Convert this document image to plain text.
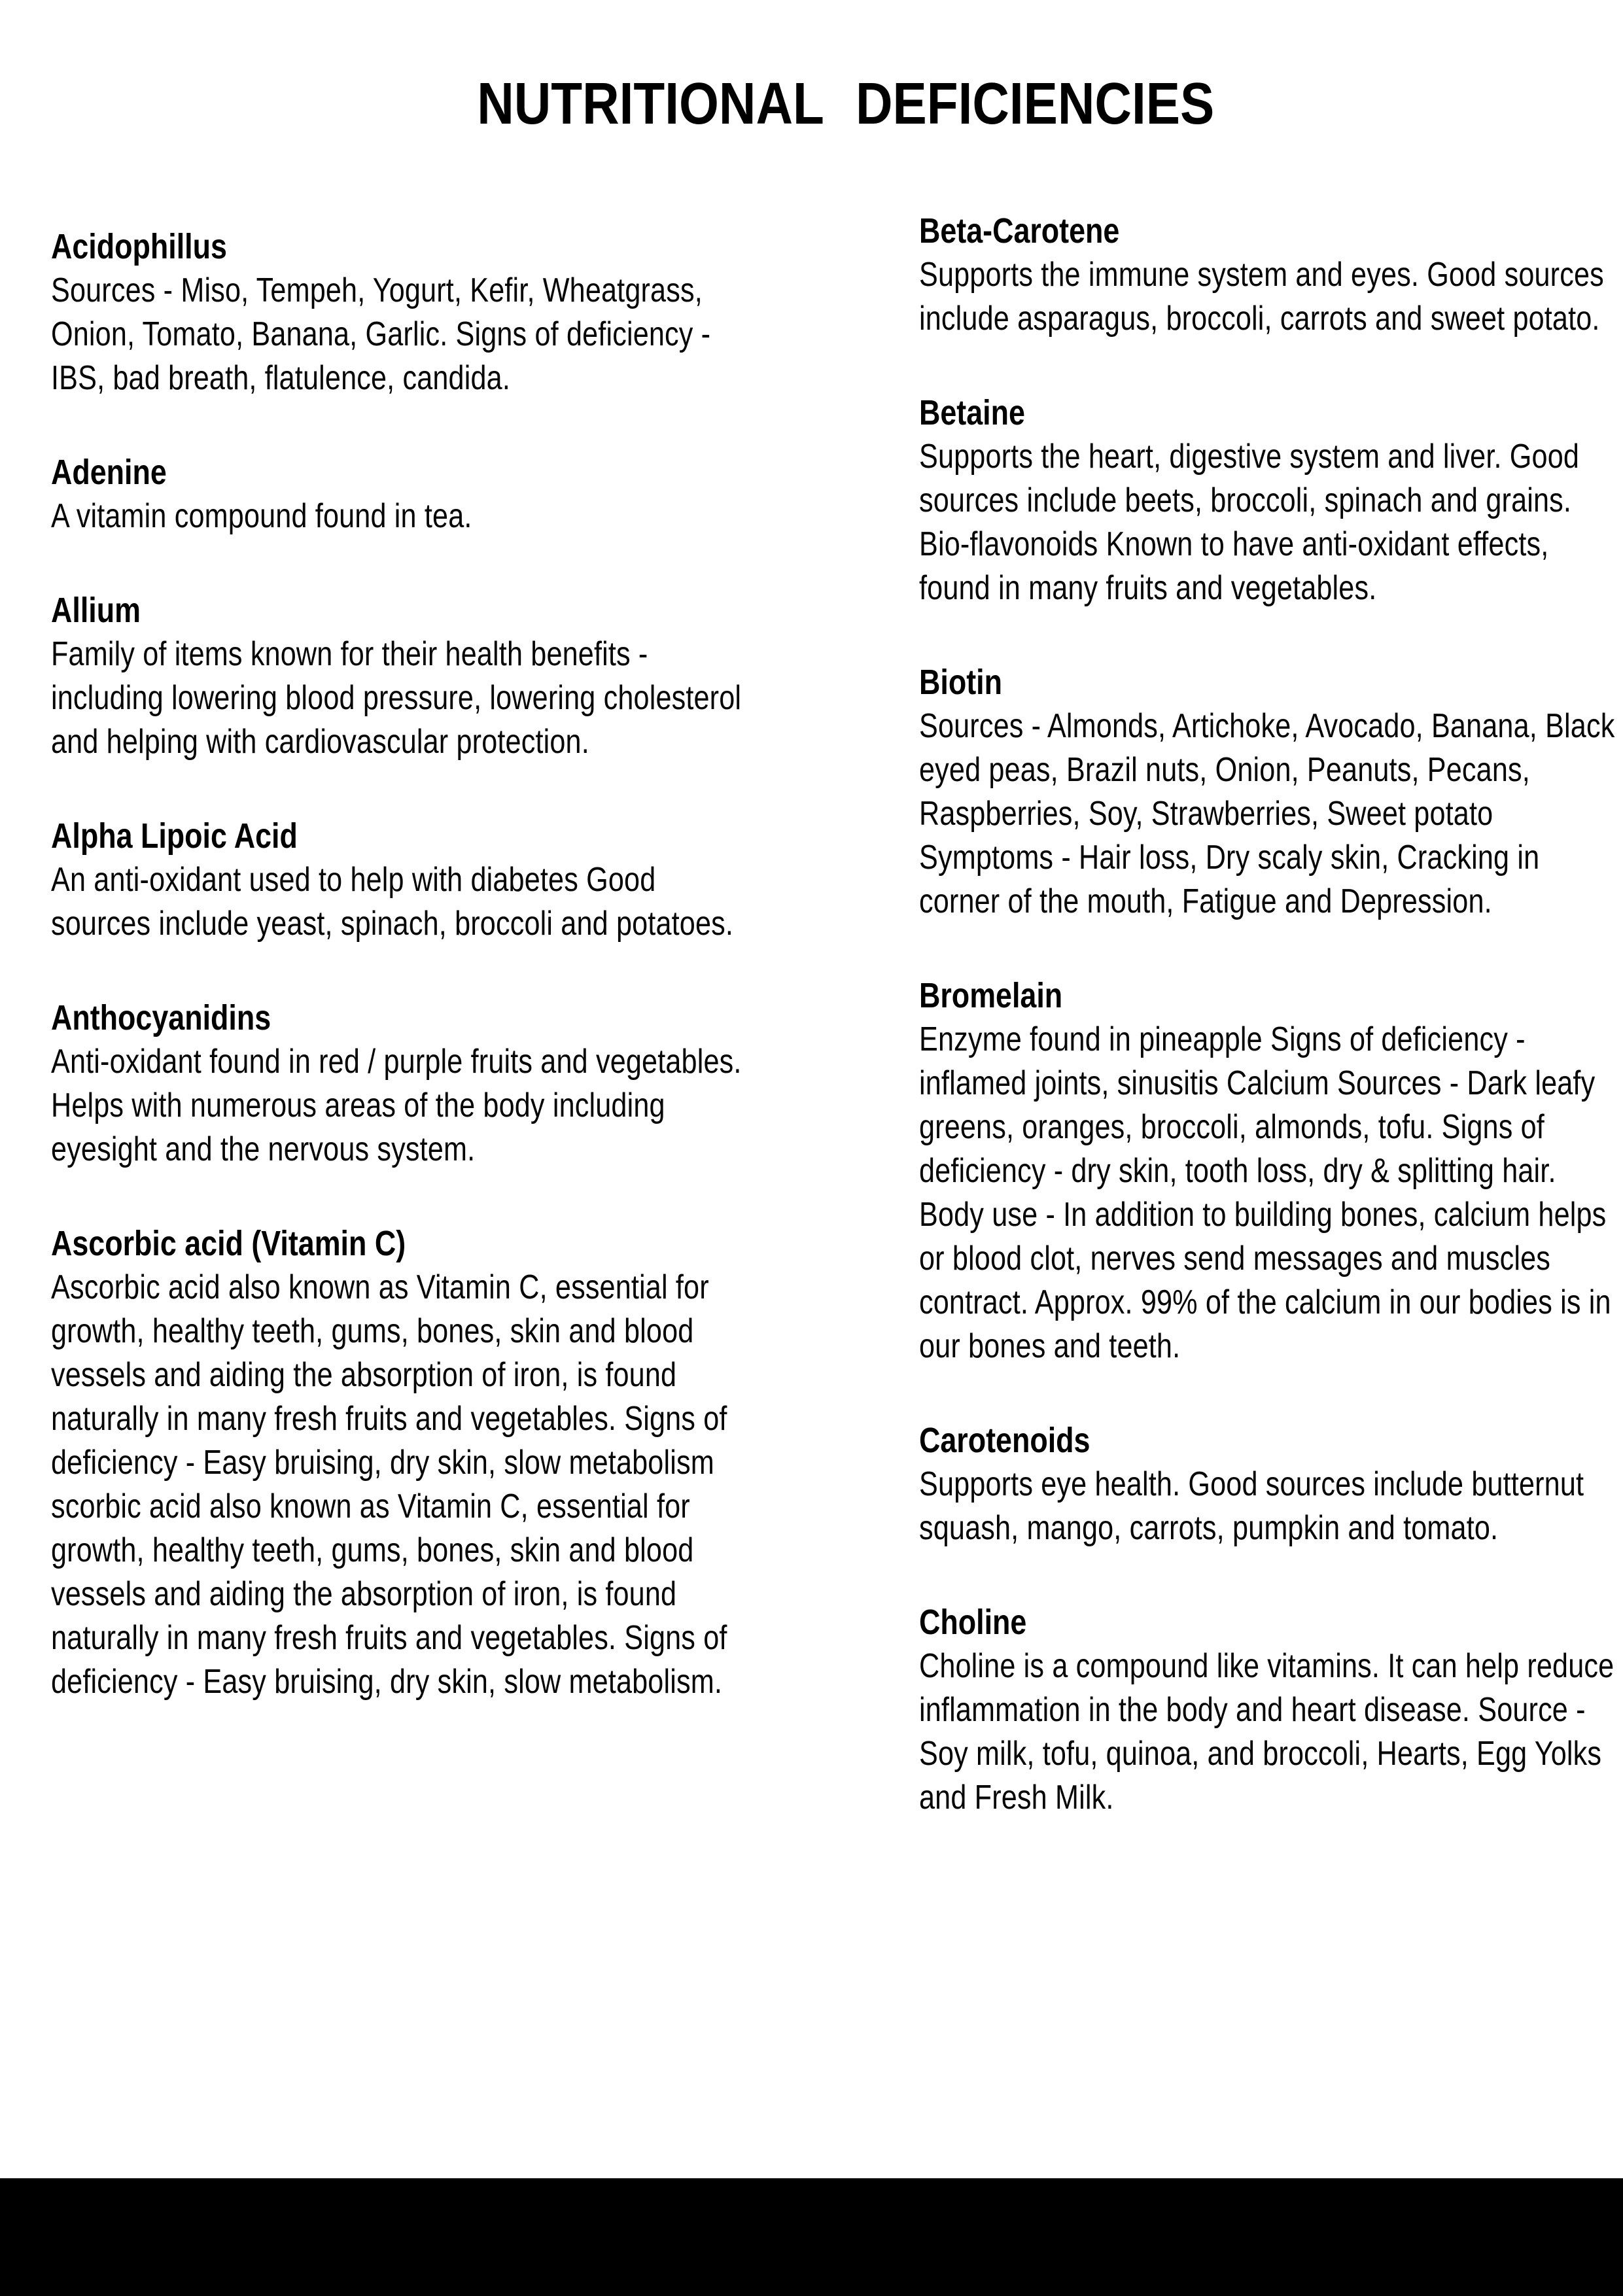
NUTRITIONAL DEFICIENCIES
Acidophillus

Sources - Miso, Tempeh, Yogurt, Kefir, Wheatgrass, Onion, Tomato, Banana, Garlic. Signs of deficiency - IBS, bad breath, flatulence, candida.

Adenine

A vitamin compound found in tea.

Allium

Family of items known for their health benefits - including lowering blood pressure, lowering cholesterol and helping with cardiovascular protection.

Alpha Lipoic Acid

An anti-oxidant used to help with diabetes Good sources include yeast, spinach, broccoli and potatoes.

Anthocyanidins

Anti-oxidant found in red / purple fruits and vegetables. Helps with numerous areas of the body including eyesight and the nervous system.

Ascorbic acid (Vitamin C)

Ascorbic acid also known as Vitamin C, essential for growth, healthy teeth, gums, bones, skin and blood vessels and aiding the absorption of iron, is found naturally in many fresh fruits and vegetables. Signs of deficiency - Easy bruising, dry skin, slow metabolism scorbic acid also known as Vitamin C, essential for growth, healthy teeth, gums, bones, skin and blood vessels and aiding the absorption of iron, is found naturally in many fresh fruits and vegetables. Signs of deficiency - Easy bruising, dry skin, slow metabolism.

Beta-Carotene

Supports the immune system and eyes. Good sources include asparagus, broccoli, carrots and sweet potato.

Betaine

Supports the heart, digestive system and liver. Good sources include beets, broccoli, spinach and grains. Bio-flavonoids Known to have anti-oxidant effects, found in many fruits and vegetables.

Biotin

Sources - Almonds, Artichoke, Avocado, Banana, Black eyed peas, Brazil nuts, Onion, Peanuts, Pecans, Raspberries, Soy, Strawberries, Sweet potato Symptoms - Hair loss, Dry scaly skin, Cracking in corner of the mouth, Fatigue and Depression.

Bromelain

Enzyme found in pineapple Signs of deficiency - inflamed joints, sinusitis Calcium Sources - Dark leafy greens, oranges, broccoli, almonds, tofu. Signs of deficiency - dry skin, tooth loss, dry & splitting hair. Body use - In addition to building bones, calcium helps or blood clot, nerves send messages and muscles contract. Approx. 99% of the calcium in our bodies is in our bones and teeth.

Carotenoids

Supports eye health. Good sources include butternut squash, mango, carrots, pumpkin and tomato.

Choline

Choline is a compound like vitamins. It can help reduce inflammation in the body and heart disease. Source - Soy milk, tofu, quinoa, and broccoli, Hearts, Egg Yolks and Fresh Milk.
